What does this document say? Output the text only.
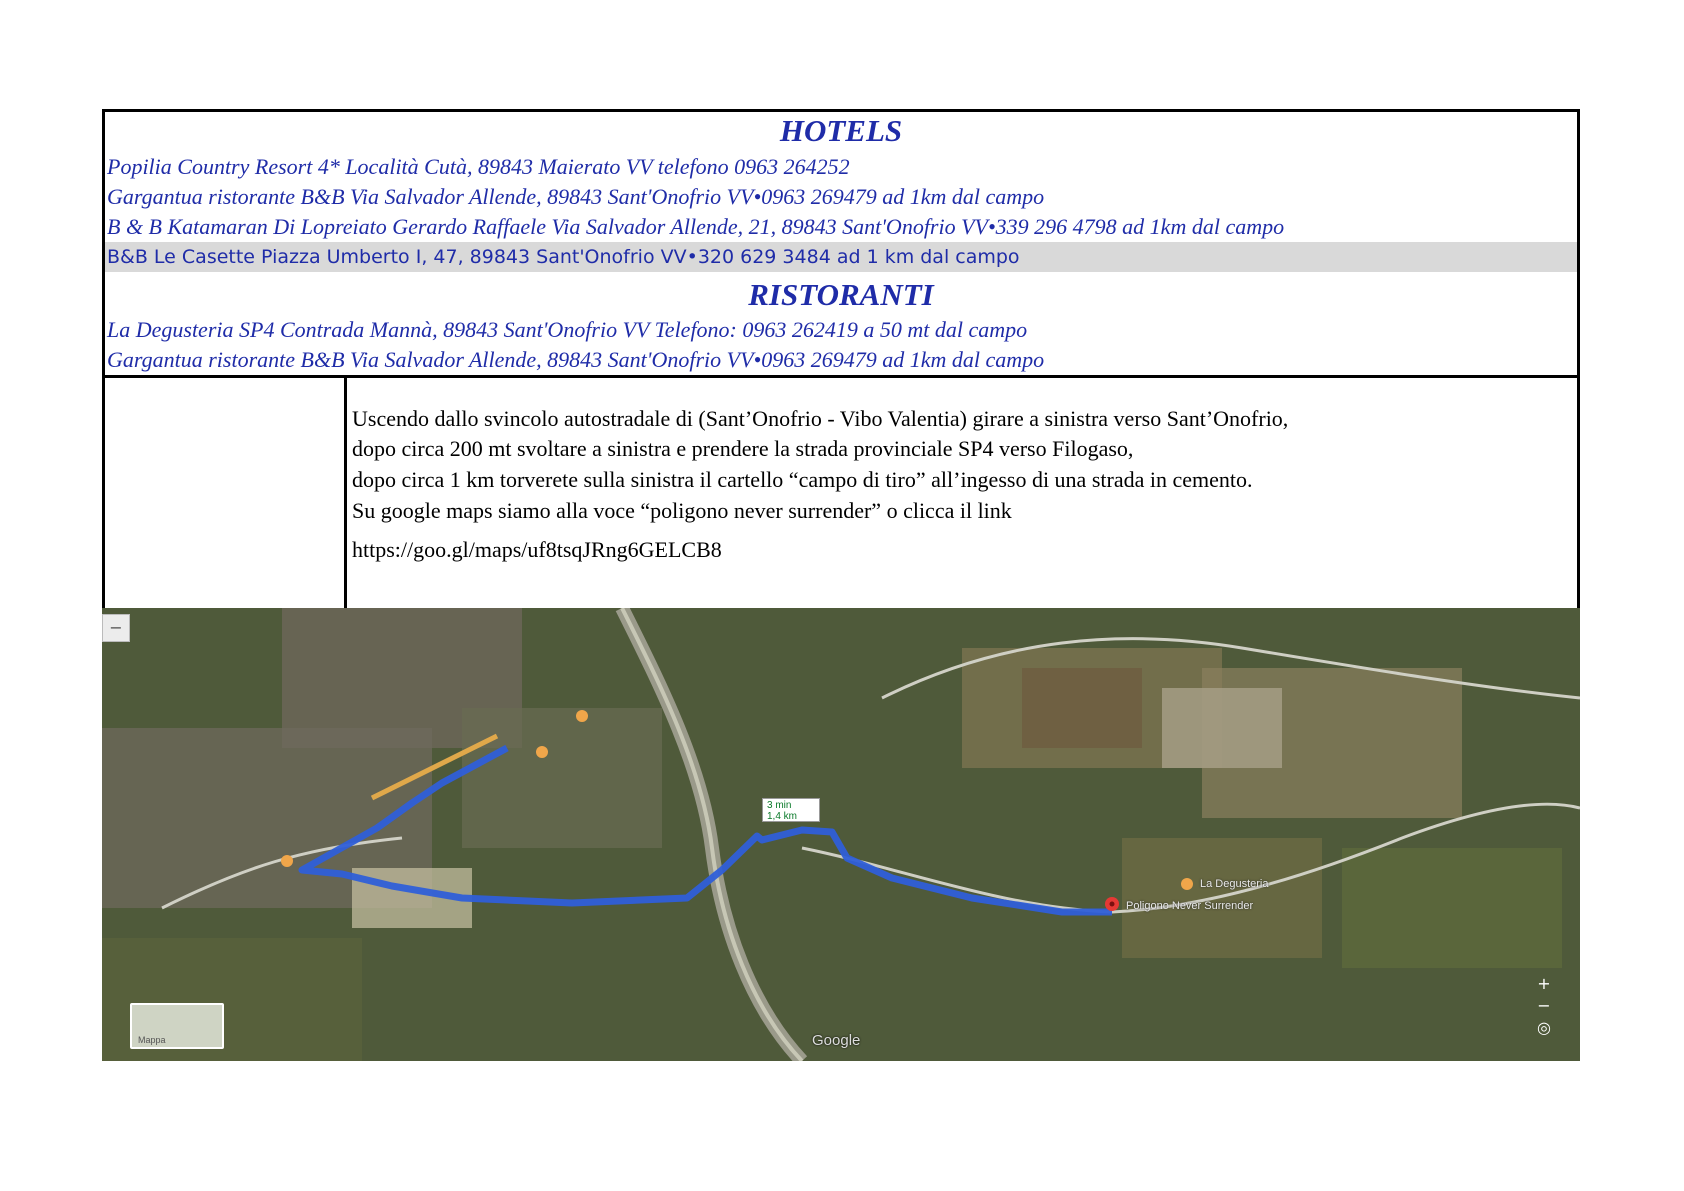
HOTELS
Popilia Country Resort 4* Località Cutà, 89843 Maierato VV telefono 0963 264252
Gargantua ristorante B&B Via Salvador Allende, 89843 Sant'Onofrio VV•0963 269479 ad 1km dal campo
B & B Katamaran Di Lopreiato Gerardo Raffaele Via Salvador Allende, 21, 89843 Sant'Onofrio VV•339 296 4798 ad 1km dal campo
B&B Le Casette Piazza Umberto I, 47, 89843 Sant'Onofrio VV•320 629 3484 ad 1 km dal campo
RISTORANTI
La Degusteria SP4 Contrada Mannà, 89843 Sant'Onofrio VV Telefono: 0963 262419 a 50 mt dal campo
Gargantua ristorante B&B Via Salvador Allende, 89843 Sant'Onofrio VV•0963 269479 ad 1km dal campo
Uscendo dallo svincolo autostradale di (Sant’Onofrio - Vibo Valentia) girare a sinistra verso Sant’Onofrio,
dopo circa 200 mt svoltare a sinistra e prendere la strada provinciale SP4 verso Filogaso,
dopo circa 1 km torverete sulla sinistra il cartello “campo di tiro” all’ingesso di una strada in cemento.
Su google maps siamo alla voce “poligono never surrender” o clicca il link
https://goo.gl/maps/uf8tsqJRng6GELCB8
−
3 min
1,4 km
Poligono Never Surrender
La Degusteria
Mappa	Google
+
−
◎
